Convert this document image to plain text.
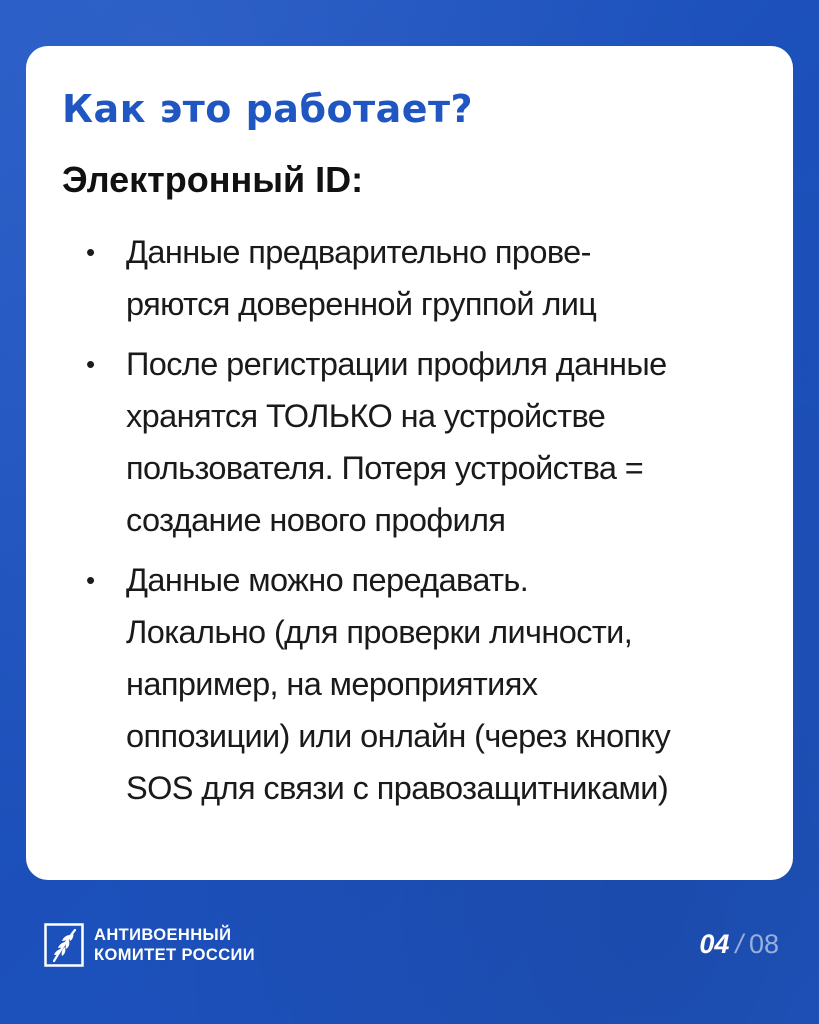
Как это работает?
Электронный ID:
• Данные предварительно прове-
ряются доверенной группой лиц
• После регистрации профиля данные
хранятся ТОЛЬКО на устройстве
пользователя. Потеря устройства =
создание нового профиля
• Данные можно передавать.
Локально (для проверки личности,
например, на мероприятиях
оппозиции) или онлайн (через кнопку
SOS для связи с правозащитниками)
АНТИВОЕННЫЙ
КОМИТЕТ РОССИИ	04 / 08
